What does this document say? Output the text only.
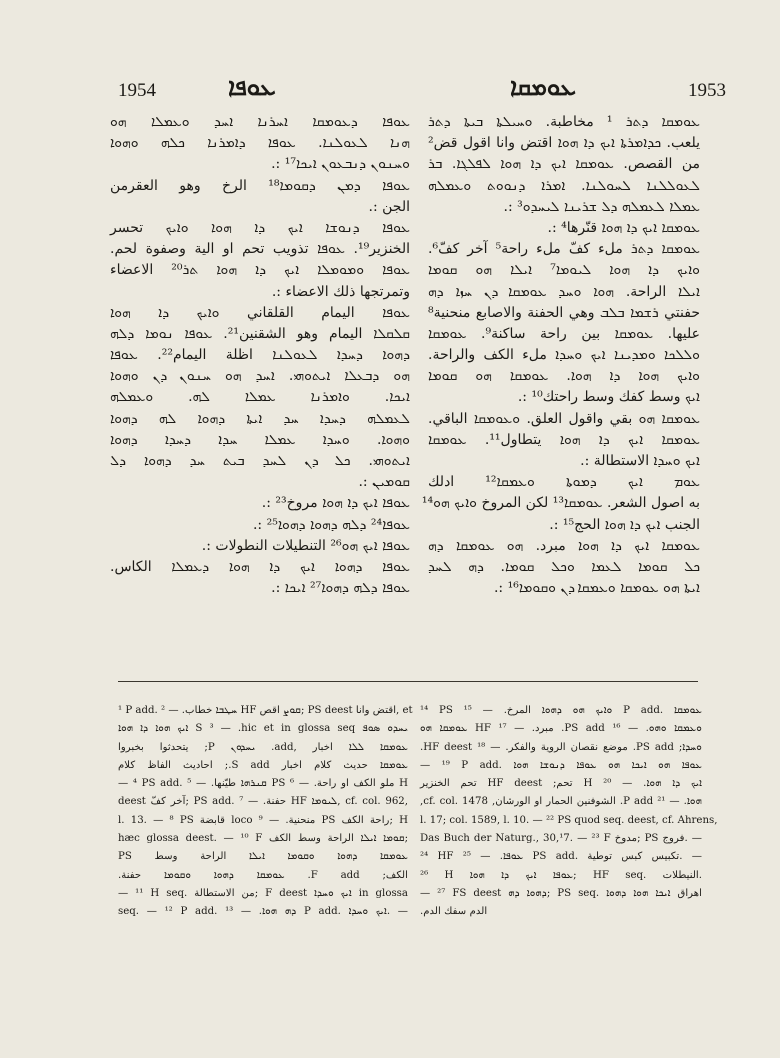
1954	ܥܘܦܐ	ܥܘܡܩܐ	1953
ܥܘܦܐ ܕܥܘܡܩܐ ܐܚܪܢܐ ܐܚܕ ܘܥܡܠܐ ܗܘ
ܗܢܐ ܠܥܘܠܢܐ. ܥܘܦܐ ܕܐܡܪܢܐ ܟܠܗ ܘܗܘܐ
ܘܚܢܘܢ ܕܢܒܥܘܢ ܐܝܟܐ¹⁷ :.
ܥܘܦܐ ܕܡܢ ܕܩܘܡܐ¹⁸ الرخ وهو العقرمن
الجن :.
ܥܘܦܐ ܕܢܘܫܐ ܐܝܟ ܕܐ ܗܘܐ ܘܐܝܟ تحسر
الخنزير¹⁹. ܥܘܦܐ تذويب تحم او الية وصفوة لحم.
ܥܘܦܐ ܘܡܘܡܠܐ ܐܝܟ ܕܐ ܗܘܐ ܬܪ²⁰ الاعضاء
وتمرتجها ذلك الاعضاء :.
ܥܘܦܐ اليمام القلقاني ܘܐܝܟ ܕܐ ܗܘܐ
ܩܠܩܠܐ اليمام وهو الشقنين²¹. ܥܘܦܐ ܢܘܡܐ ܕܠܗ
ܕܗܘܐ ܕܚܕܐ ܠܥܘܠܢܐ اظلة اليمام²². ܥܘܦܐ
ܗܘ ܕܒܥܠܐ ܐܝܬܘܗܝ. ܐܚܕ ܗܘ ܚܢܘܢ ܕܢ ܘܗܘܐ
ܐܝܟܐ. ܘܐܡܪܢܐ ܥܡܠܐ ܠܗ. ܘܥܡܠܗ
ܠܥܡܠܗ ܕܚܕܐ ܚܕ ܐܝܬܐ ܕܗܘܐ ܠܗ ܕܗܘܐ
ܘܗܘܐ. ܘܚܕܐ ܥܡܠܐ ܚܕܐ ܕܚܕܐ ܕܗܘܐ
ܐܝܬܘܗܝ. ܟܠ ܕܢ ܠܚܕ ܒܝܬ ܚܕ ܕܗܘܐ ܕܠ
ܩܘܡܝܢ :.
ܥܘܦܐ ܐܝܟ ܕܐ ܗܘܐ مروخ²³ :.
ܥܘܦܐ²⁴ ܕܠܗ ܕܗܘܐ ܕܗܘܐ²⁵ :.
ܥܘܦܐ ܐܝܟ ܗܘ²⁶ التنطيلات النطولات :.
ܥܘܦܐ ܕܗܘܐ ܐܝܟ ܕܐ ܗܘܐ ܕܥܡܠܐ الكاس.
ܥܘܦܐ ܕܠܗ ܕܗܘܐ²⁷ ܐܝܟܐ :.
ܥܘܡܩܐ ܕܬܪ ¹ مخاطبة. ܘܚܝܠܬܐ ܒܝܬܐ ܕܬܪ
يلعب. ܟܕܐܡܪܬܐ ܐܝܟ ܕܐ ܗܘܐ اقتض وانا اقول قض²
من القصص. ܥܘܡܩܐ ܐܝܟ ܕܐ ܗܘܐ ܠܦܠܓܐ. ܒܪ
ܠܥܘܠܠܢܐ ܠܚܘܠܢܐ. ܐܡܪܐ ܕܢܘܘܬ ܘܥܡܠܗ
ܥܡܠܐ ܠܥܡܠܗ ܕܠ ܫܪܝܢܐ ܠܝܚܕܘ³ :.
ܥܘܡܩܐ ܐܝܟ ܕܐ ܗܘܐ قنّرها⁴ :.
ܥܘܡܩܐ ܕܬܪ ملء كفّ ملء راحة⁵ آخر كفّ⁶.
ܘܐܝܟ ܕܐ ܗܘܐ ܠܝܘܡܐ⁷ ܐܝܠܐ ܗܘ ܩܘܡܐ
ܐܝܠܐ الراحة. ܗܘܐ ܘܚܕ ܥܘܡܩܐ ܕܢ ܚܙܐ ܕܗ
حفنتي ܪܫܡܐ ܒܠܒ وهي الحفنة والاصابع منحنية⁸
عليها. ܥܘܡܩܐ بين راحة ساكنة⁹. ܥܘܡܩܐ
ܘܠܠܟܐ ܘܡܕܝܢܐ ܐܝܟ ܘܚܕܐ ملء الكف والراحة.
ܘܐܝܟ ܗܘܐ ܕܐ ܗܘܐ. ܥܘܡܩܐ ܗܘ ܩܘܡܐ
ܐܝܟ وسط كفك وسط راحتك¹⁰ :.
ܥܘܡܩܐ ܗܘ بقي واقول العلق. ܘܥܘܡܩܐ الباقي.
ܥܘܡܩܐ ܐܝܟ ܕܐ ܗܘܐ يتطاول¹¹. ܥܘܡܩܐ
ܐܝܟ ܘܚܕܐ الاستطالة :.
ܥܘܡ ܐܝܟ ܕܡܘܬܐ ܘܥܡܩܐ¹² ادلك
به اصول الشعر. ܥܘܡܩܐ¹³ لكن المروخ ܘܐܝܟ ܗܘ¹⁴
الجنب ܐܝܟ ܕܐ ܗܘܐ الحج¹⁵ :.
ܥܘܡܩܐ ܐܝܟ ܕܐ ܗܘܐ مبرد. ܗܘ ܥܘܡܩܐ ܕܗ
ܟܠ ܩܘܡܐ ܠܥܡܐ ܘܟܠ ܩܘܡܐ. ܕܗ ܠܚܕ
ܐܝܬܐ ܗܘ ܥܘܡܩܐ ܘܥܡܩܐ ܕܢ ܘܩܘܡܐ¹⁶ :.
¹ P add. ܚܛܒܐ خطاب. — ² HF ܩܘܨ اقص; PS deest اقتض وانا, et
ܝܚܕܘ ܣܘܦ S ³ — .hic et in glossa seq ܐܝܟ ܗܘܐ ܕܐ ܗܘܐ
ܥܘܡܩܐ ܠܠܐ اخبار ,add. ܝܚܕܘܢ P; يتحدثوا بخبروا
ܥܘܡܩܐ حديث كلام اخبار S add.; احاديث الفاظ كلام
— ⁴ PS add. ܩܢܪܗܐ طيّنها. — ⁵ PS ملو الكف او راحة. — ⁶ H
deest آخر كفّ; PS add. حفنة. — ⁷ HF ܠܝܘܡܐ, cf. col. 962,
l. 13. — ⁸ PS قابضة loco منحنية. — ⁹ PS راحة الكف; H
hæc glossa deest. — ¹⁰ F ܩܘܡܐ ܐܝܠܐ الراحة وسط الكف;
PS ܥܘܡܩܐ ܕܗܘܐ ܘܩܘܡܐ ܐܝܠܐ الراحة وسط
الكف; F add. ܥܘܡܩܐ ܕܗܘܐ ܘܩܘܡܐ حفنة.
— ¹¹ H seq. من الاستطالة; F deest ܐܝܟ ܘܚܕܐ in glossa
seq. — ¹² P add. ܕܗ ܗܘܐ. — ¹³ P add. ܐܝܟ ܘܚܕܐ. —
¹⁴ PS ܘܐܝܟ ܗܘ ܕܗܘܐ المرخ. — ¹⁵ P add. ܥܘܡܩܐ
ܘܥܡܩܐ ܘܗܘ. — ¹⁶ PS add. مبرد. — ¹⁷ HF ܥܘܡܩܐ ܗܘ
ܘܚܕܐ; PS add. موضع نقصان الروية والفكر. — ¹⁸ HF deest.
— ¹⁹ P add. ܥܘܦܐ ܗܘ ܐܝܟܐ ܗܘ ܥܘܦܐ ܕܢܘܫܐ ܗܘܐ
ܐܝܟ ܕܐ ܗܘܐ. — ²⁰ H تحم; HF deest تحم الخنزير
ܗܘܐ. — ²¹ P add. الشوفنين الحمار او الورشان, cf. col. 1478,
l. 17; col. 1589, l. 10. — ²² PS quod seq. deest, cf. Ahrens,
Das Buch der Naturg., 30,¹7. — ²³ F مدوخ; PS فروج. —
²⁴ HF ܥܘܦܐ. — ²⁵ PS add. تكبيس كبس توطية. —
²⁶ H ܥܘܦܐ ܐܝܟ ܕܐ ܗܘܐ; HF seq. النيطلات.
— ²⁷ FS deest ܕܗܘܐ ܕܗ; PS seq. اهراق ܐܝܟܐ ܗܘܐ ܕܗܘܐ
الدم سفك الدم.
